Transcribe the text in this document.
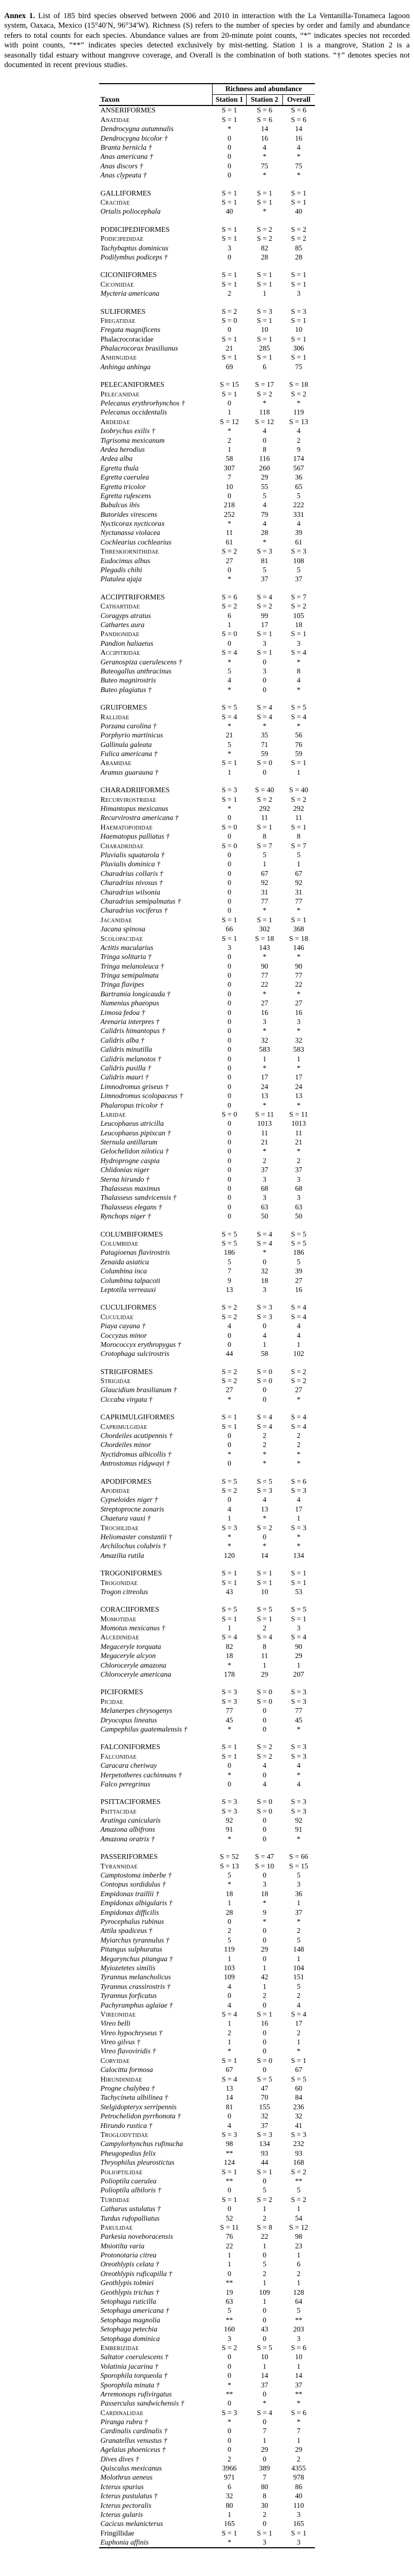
Annex 1. List of 185 bird species observed between 2006 and 2010 in interaction with the La Ventanilla-Tonameca lagoon system, Oaxaca, Mexico (15°40′N, 96°34′W). Richness (S) refers to the number of species by order and family and abundance refers to total counts for each species. Abundance values are from 20-minute point counts, “*” indicates species not recorded with point counts, “**” indicates species detected exclusively by mist-netting. Station 1 is a mangrove, Station 2 is a seasonally tidal estuary without mangrove coverage, and Overall is the combination of both stations. “†” denotes species not documented in recent previous studies.

	Richness and abundance		
Taxon	Station 1	Station 2	Overall
ANSERIFORMES	S = 1	S = 6	S = 6
Anatidae	S = 1	S = 6	S = 6
Dendrocygna autumnalis	*	14	14
Dendrocygna bicolor †	0	16	16
Branta bernicla †	0	4	4
Anas americana †	0	*	*
Anas discors †	0	75	75
Anas clypeata †	0	*	*

GALLIFORMES	S = 1	S = 1	S = 1
Cracidae	S = 1	S = 1	S = 1
Ortalis poliocephala	40	*	40

PODICIPEDIFORMES	S = 1	S = 2	S = 2
Podicipedidae	S = 1	S = 2	S = 2
Tachybaptus dominicus	3	82	85
Podilymbus podiceps †	0	28	28

CICONIIFORMES	S = 1	S = 1	S = 1
Ciconiidae	S = 1	S = 1	S = 1
Mycteria americana	2	1	3

SULIFORMES	S = 2	S = 3	S = 3
Fregatidae	S = 0	S = 1	S = 1
Fregata magnificens	0	10	10
Phalacrocoracidae	S = 1	S = 1	S = 1
Phalacrocorax brasilianus	21	285	306
Anhingidae	S = 1	S = 1	S = 1
Anhinga anhinga	69	6	75

PELECANIFORMES	S = 15	S = 17	S = 18
Pelecanidae	S = 1	S = 2	S = 2
Pelecanus erythrorhynchos †	0	*	*
Pelecanus occidentalis	1	118	119
Ardeidae	S = 12	S = 12	S = 13
Ixobrychus exilis †	*	4	4
Tigrisoma mexicanum	2	0	2
Ardea herodius	1	8	9
Ardea alba	58	116	174
Egretta thula	307	260	567
Egretta caerulea	7	29	36
Egretta tricolor	10	55	65
Egretta rufescens	0	5	5
Bubulcus ibis	218	4	222
Butorides virescens	252	79	331
Nycticorax nycticorax	*	4	4
Nyctanassa violacea	11	28	39
Cochlearius cochlearius	61	*	61
Threskiornithidae	S = 2	S = 3	S = 3
Eudocimus albus	27	81	108
Plegadis chihi	0	5	5
Platalea ajaja	*	37	37

ACCIPITRIFORMES	S = 6	S = 4	S = 7
Cathartidae	S = 2	S = 2	S = 2
Coragyps atratus	6	99	105
Cathartes aura	1	17	18
Pandionidae	S = 0	S = 1	S = 1
Pandion haliaetus	0	3	3
Accipitridae	S = 4	S = 1	S = 4
Geranospiza caerulescens †	*	0	*
Buteogallus anthracinus	5	3	8
Buteo magnirostris	4	0	4
Buteo plagiatus †	*	0	*

GRUIFORMES	S = 5	S = 4	S = 5
Rallidae	S = 4	S = 4	S = 4
Porzana carolina †	*	*	*
Porphyrio martinicus	21	35	56
Gallinula galeata	5	71	76
Fulica americana †	*	59	59
Aramidae	S = 1	S = 0	S = 1
Aramus guarauna †	1	0	1

CHARADRIIFORMES	S = 3	S = 40	S = 40
Recurvirostridae	S = 1	S = 2	S = 2
Himantopus mexicanus	*	292	292
Recurvirostra americana †	0	11	11
Haematopodidae	S = 0	S = 1	S = 1
Haematopus palliatus †	0	8	8
Charadriidae	S = 0	S = 7	S = 7
Pluvialis squatarola †	0	5	5
Pluvialis dominica †	0	1	1
Charadrius collaris †	0	67	67
Charadrius nivosus †	0	92	92
Charadrius wilsonia	0	31	31
Charadrius semipalmatus †	0	77	77
Charadrius vociferus †	0	*	*
Jacanidae	S = 1	S = 1	S = 1
Jacana spinosa	66	302	368
Scolopacidae	S = 1	S = 18	S = 18
Actitis macularius	3	143	146
Tringa solitaria †	0	*	*
Tringa melanoleuca †	0	90	90
Tringa semipalmata	0	77	77
Tringa flavipes	0	22	22
Bartramia longicauda †	0	*	*
Numenius phaeopus	0	27	27
Limosa fedoa †	0	16	16
Arenaria interpres †	0	3	3
Calidris himantopus †	0	*	*
Calidris alba †	0	32	32
Calidris minutilla	0	583	583
Calidris melanotos †	0	1	1
Calidris pusilla †	0	*	*
Calidris mauri †	0	17	17
Limnodromus griseus †	0	24	24
Limnodromus scolopaceus †	0	13	13
Phalaropus tricolor †	0	*	*
Laridae	S = 0	S = 11	S = 11
Leucophaeus atricilla	0	1013	1013
Leucophaeus pipixcan †	0	11	11
Sternula antillarum	0	21	21
Gelochelidon nilotica †	0	*	*
Hydroprogne caspia	0	2	2
Chlidonias niger	0	37	37
Sterna hirundo †	0	3	3
Thalasseus maximus	0	68	68
Thalasseus sandvicensis †	0	3	3
Thalasseus elegans †	0	63	63
Rynchops niger †	0	50	50

COLUMBIFORMES	S = 5	S = 4	S = 5
Columbidae	S = 5	S = 4	S = 5
Patagioenas flavirostris	186	*	186
Zenaida asiatica	5	0	5
Columbina inca	7	32	39
Columbina talpacoti	9	18	27
Leptotila verreauxi	13	3	16

CUCULIFORMES	S = 2	S = 3	S = 4
Cuculidae	S = 2	S = 3	S = 4
Piaya cayana †	4	0	4
Coccyzus minor	0	4	4
Morococcyx erythropygus †	0	1	1
Crotophaga sulcirostris	44	58	102

STRIGIFORMES	S = 2	S = 0	S = 2
Strigidae	S = 2	S = 0	S = 2
Glaucidium brasilianum †	27	0	27
Ciccaba virgata †	*	0	*

CAPRIMULGIFORMES	S = 1	S = 4	S = 4
Caprimulgidae	S = 1	S = 4	S = 4
Chordeiles acutipennis †	0	2	2
Chordeiles minor	0	2	2
Nyctidromus albicollis †	*	*	*
Antrostomus ridgwayi †	0	*	*

APODIFORMES	S = 5	S = 5	S = 6
Apodidae	S = 2	S = 3	S = 3
Cypseloides niger †	0	4	4
Streptoprocne zonaris	4	13	17
Chaetura vauxi †	1	*	1
Trochilidae	S = 3	S = 2	S = 3
Heliomaster constantii †	*	0	*
Archilochus colubris †	*	*	*
Amazilia rutila	120	14	134

TROGONIFORMES	S = 1	S = 1	S = 1
Trogonidae	S = 1	S = 1	S = 1
Trogon citreolus	43	10	53

CORACIIFORMES	S = 5	S = 5	S = 5
Momotidae	S = 1	S = 1	S = 1
Momotus mexicanus †	1	2	3
Alcedinidae	S = 4	S = 4	S = 4
Megaceryle torquata	82	8	90
Megaceryle alcyon	18	11	29
Chloroceryle amazona	*	1	1
Chloroceryle americana	178	29	207

PICIFORMES	S = 3	S = 0	S = 3
Picidae	S = 3	S = 0	S = 3
Melanerpes chrysogenys	77	0	77
Dryocopus lineatus	45	0	45
Campephilus guatemalensis †	*	0	*

FALCONIFORMES	S = 1	S = 2	S = 3
Falconidae	S = 1	S = 2	S = 3
Caracara cheriway	0	4	4
Herpetotheres cachinnans †	*	0	*
Falco peregrinus	0	4	4

PSITTACIFORMES	S = 3	S = 0	S = 3
Psittacidae	S = 3	S = 0	S = 3
Aratinga canicularis	92	0	92
Amazona albifrons	91	0	91
Amazona oratrix †	*	0	*

PASSERIFORMES	S = 52	S = 47	S = 66
Tyrannidae	S = 13	S = 10	S = 15
Camptostoma imberbe †	5	0	5
Contopus sordidulus †	*	3	3
Empidonax traillii †	18	18	36
Empidonax albigularis †	1	*	1
Empidonax difficilis	28	9	37
Pyrocephalus rubinus	0	*	*
Attila spadiceus †	2	0	2
Myiarchus tyrannulus †	5	0	5
Pitangus sulphuratus	119	29	148
Megarynchus pitangua †	1	0	1
Myiozetetes similis	103	1	104
Tyrannus melancholicus	109	42	151
Tyrannus crassirostris †	4	1	5
Tyrannus forficatus	0	2	2
Pachyramphus aglaiae †	4	0	4
Vireonidae	S = 4	S = 1	S = 4
Vireo belli	1	16	17
Vireo hypochryseus †	2	0	2
Vireo gilvus †	1	0	1
Vireo flavoviridis †	*	0	*
Corvidae	S = 1	S = 0	S = 1
Calocitta formosa	67	0	67
Hirundinidae	S = 4	S = 5	S = 5
Progne chalybea †	13	47	60
Tachycineta albilinea †	14	70	84
Stelgidopteryx serripennis	81	155	236
Petrochelidon pyrrhonota †	0	32	32
Hirundo rustica †	4	37	41
Troglodytidae	S = 3	S = 3	S = 3
Campylorhynchus rufinucha	98	134	232
Pheugopedius felix	**	93	93
Thryophilus pleurostictus	124	44	168
Polioptilidae	S = 1	S = 1	S = 2
Polioptila caerulea	**	0	**
Polioptila albiloris †	0	5	5
Turdidae	S = 1	S = 2	S = 2
Catharus ustulatus †	0	1	1
Turdus rufopalliatus	52	2	54
Parulidae	S = 11	S = 8	S = 12
Parkesia noveboracensis	76	22	98
Mniotilta varia	22	1	23
Protonotaria citrea	1	0	1
Oreothlypis celata †	1	5	6
Oreothlypis ruficapilla †	0	2	2
Geothlypis tolmiei	**	1	1
Geothlypis trichas †	19	109	128
Setophaga ruticilla	63	1	64
Setophaga americana †	5	0	5
Setophaga magnolia	**	0	**
Setophaga petechia	160	43	203
Setophaga dominica	3	0	3
Emberizidae	S = 2	S = 5	S = 6
Saltator coerulescens †	0	10	10
Volatinia jacarina †	0	1	1
Sporophila torqueola †	0	14	14
Sporophila minuta †	*	37	37
Arremonops rufivirgatus	**	0	**
Passerculus sandwichensis †	0	*	*
Cardinalidae	S = 3	S = 4	S = 6
Piranga rubra †	*	0	*
Cardinalis cardinalis †	0	7	7
Granatellus venustus †	0	1	1
Agelaius phoeniceus †	0	29	29
Dives dives †	2	0	2
Quiscalus mexicanus	3966	389	4355
Molothrus aeneus	971	7	978
Icterus spurius	6	80	86
Icterus pustulatus †	32	8	40
Icterus pectoralis	80	30	110
Icterus gularis	1	2	3
Cacicus melanicterus	165	0	165
Fringillidae	S = 1	S = 1	S = 1
Euphonia affinis	*	3	3
